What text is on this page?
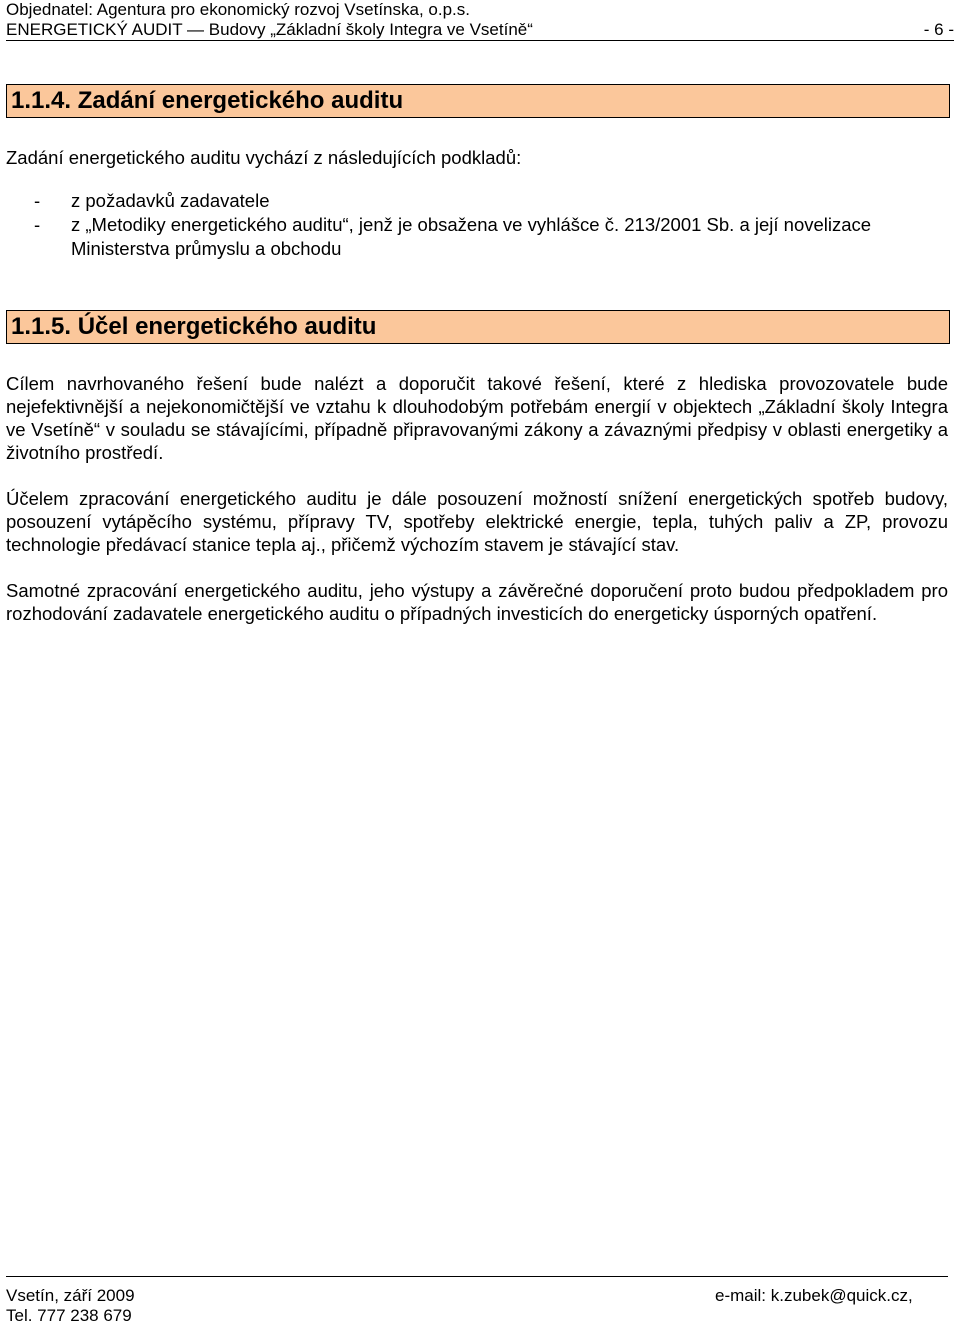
Objednatel: Agentura pro ekonomický rozvoj Vsetínska, o.p.s.
ENERGETICKÝ AUDIT — Budovy „Základní školy Integra ve Vsetíně“	- 6 -
1.1.4. Zadání energetického auditu
Zadání energetického auditu vychází z následujících podkladů:
- z požadavků zadavatele
- z „Metodiky energetického auditu“, jenž je obsažena ve vyhlášce č. 213/2001 Sb. a její novelizace Ministerstva průmyslu a obchodu
1.1.5. Účel energetického auditu
Cílem navrhovaného řešení bude nalézt a doporučit takové řešení, které z hlediska provozovatele bude nejefektivnější a nejekonomičtější ve vztahu k dlouhodobým potřebám energií v objektech „Základní školy Integra ve Vsetíně“ v souladu se stávajícími, případně připravovanými zákony a závaznými předpisy v oblasti energetiky a životního prostředí.
Účelem zpracování energetického auditu je dále posouzení možností snížení energetických spotřeb budovy, posouzení vytápěcího systému, přípravy TV, spotřeby elektrické energie, tepla, tuhých paliv a ZP, provozu technologie předávací stanice tepla aj., přičemž výchozím stavem je stávající stav.
Samotné zpracování energetického auditu, jeho výstupy a závěrečné doporučení proto budou předpokladem pro rozhodování zadavatele energetického auditu o případných investicích do energeticky úsporných opatření.
Vsetín, září 2009	e-mail: k.zubek@quick.cz,
Tel. 777 238 679
